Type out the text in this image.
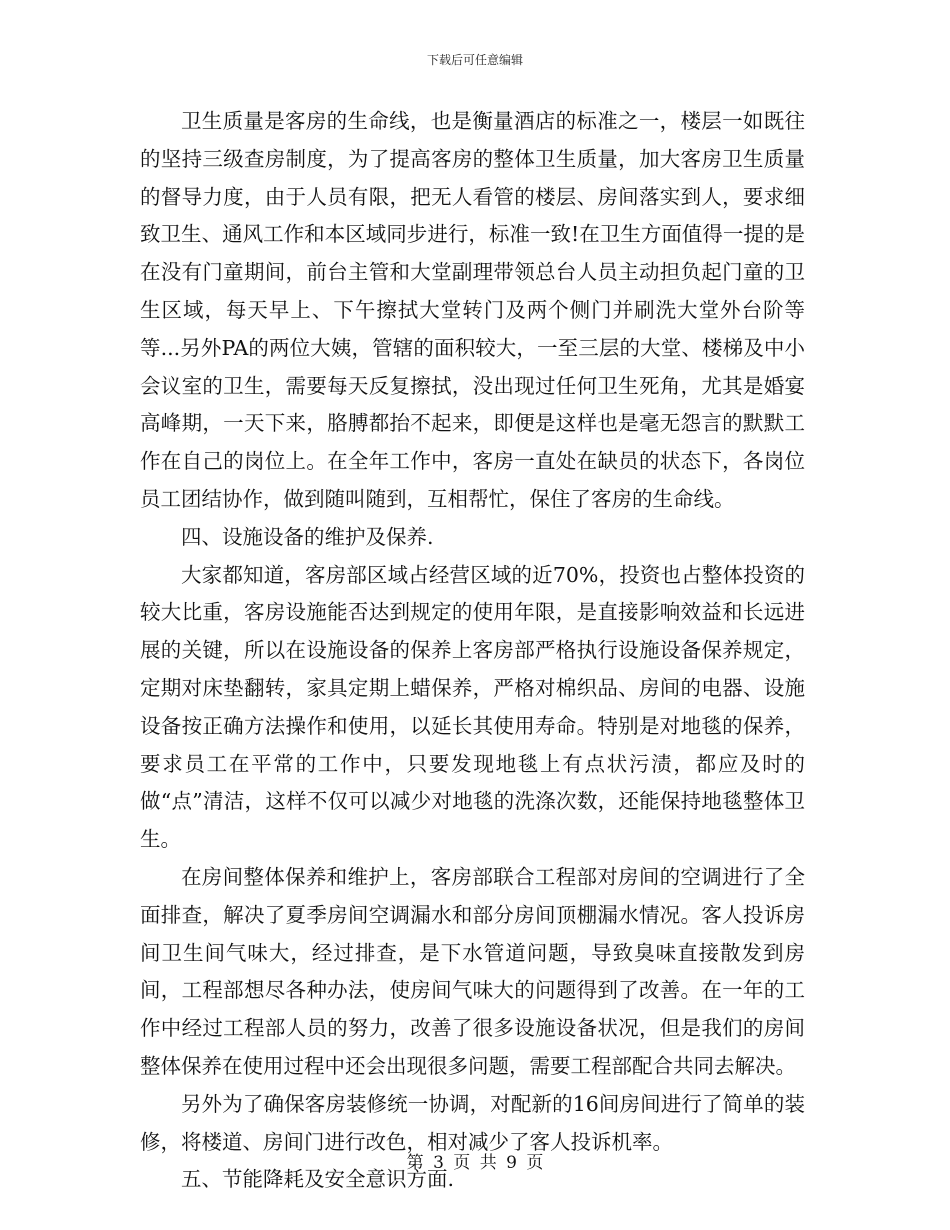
下载后可任意编辑

卫生质量是客房的生命线，也是衡量酒店的标准之一，楼层一如既往的坚持三级查房制度，为了提高客房的整体卫生质量，加大客房卫生质量的督导力度，由于人员有限，把无人看管的楼层、房间落实到人，要求细致卫生、通风工作和本区域同步进行，标准一致!在卫生方面值得一提的是在没有门童期间，前台主管和大堂副理带领总台人员主动担负起门童的卫生区域，每天早上、下午擦拭大堂转门及两个侧门并刷洗大堂外台阶等等...另外PA的两位大姨，管辖的面积较大，一至三层的大堂、楼梯及中小会议室的卫生，需要每天反复擦拭，没出现过任何卫生死角，尤其是婚宴高峰期，一天下来，胳膊都抬不起来，即便是这样也是毫无怨言的默默工作在自己的岗位上。在全年工作中，客房一直处在缺员的状态下，各岗位员工团结协作，做到随叫随到，互相帮忙，保住了客房的生命线。

四、设施设备的维护及保养.

大家都知道，客房部区域占经营区域的近70%，投资也占整体投资的较大比重，客房设施能否达到规定的使用年限，是直接影响效益和长远进展的关键，所以在设施设备的保养上客房部严格执行设施设备保养规定，定期对床垫翻转，家具定期上蜡保养，严格对棉织品、房间的电器、设施设备按正确方法操作和使用，以延长其使用寿命。特别是对地毯的保养，要求员工在平常的工作中，只要发现地毯上有点状污渍，都应及时的做“点”清洁，这样不仅可以减少对地毯的洗涤次数，还能保持地毯整体卫生。

在房间整体保养和维护上，客房部联合工程部对房间的空调进行了全面排查，解决了夏季房间空调漏水和部分房间顶棚漏水情况。客人投诉房间卫生间气味大，经过排查，是下水管道问题，导致臭味直接散发到房间，工程部想尽各种办法，使房间气味大的问题得到了改善。在一年的工作中经过工程部人员的努力，改善了很多设施设备状况，但是我们的房间整体保养在使用过程中还会出现很多问题，需要工程部配合共同去解决。

另外为了确保客房装修统一协调，对配新的16间房间进行了简单的装修，将楼道、房间门进行改色，相对减少了客人投诉机率。

五、节能降耗及安全意识方面.

第 3 页 共 9 页
